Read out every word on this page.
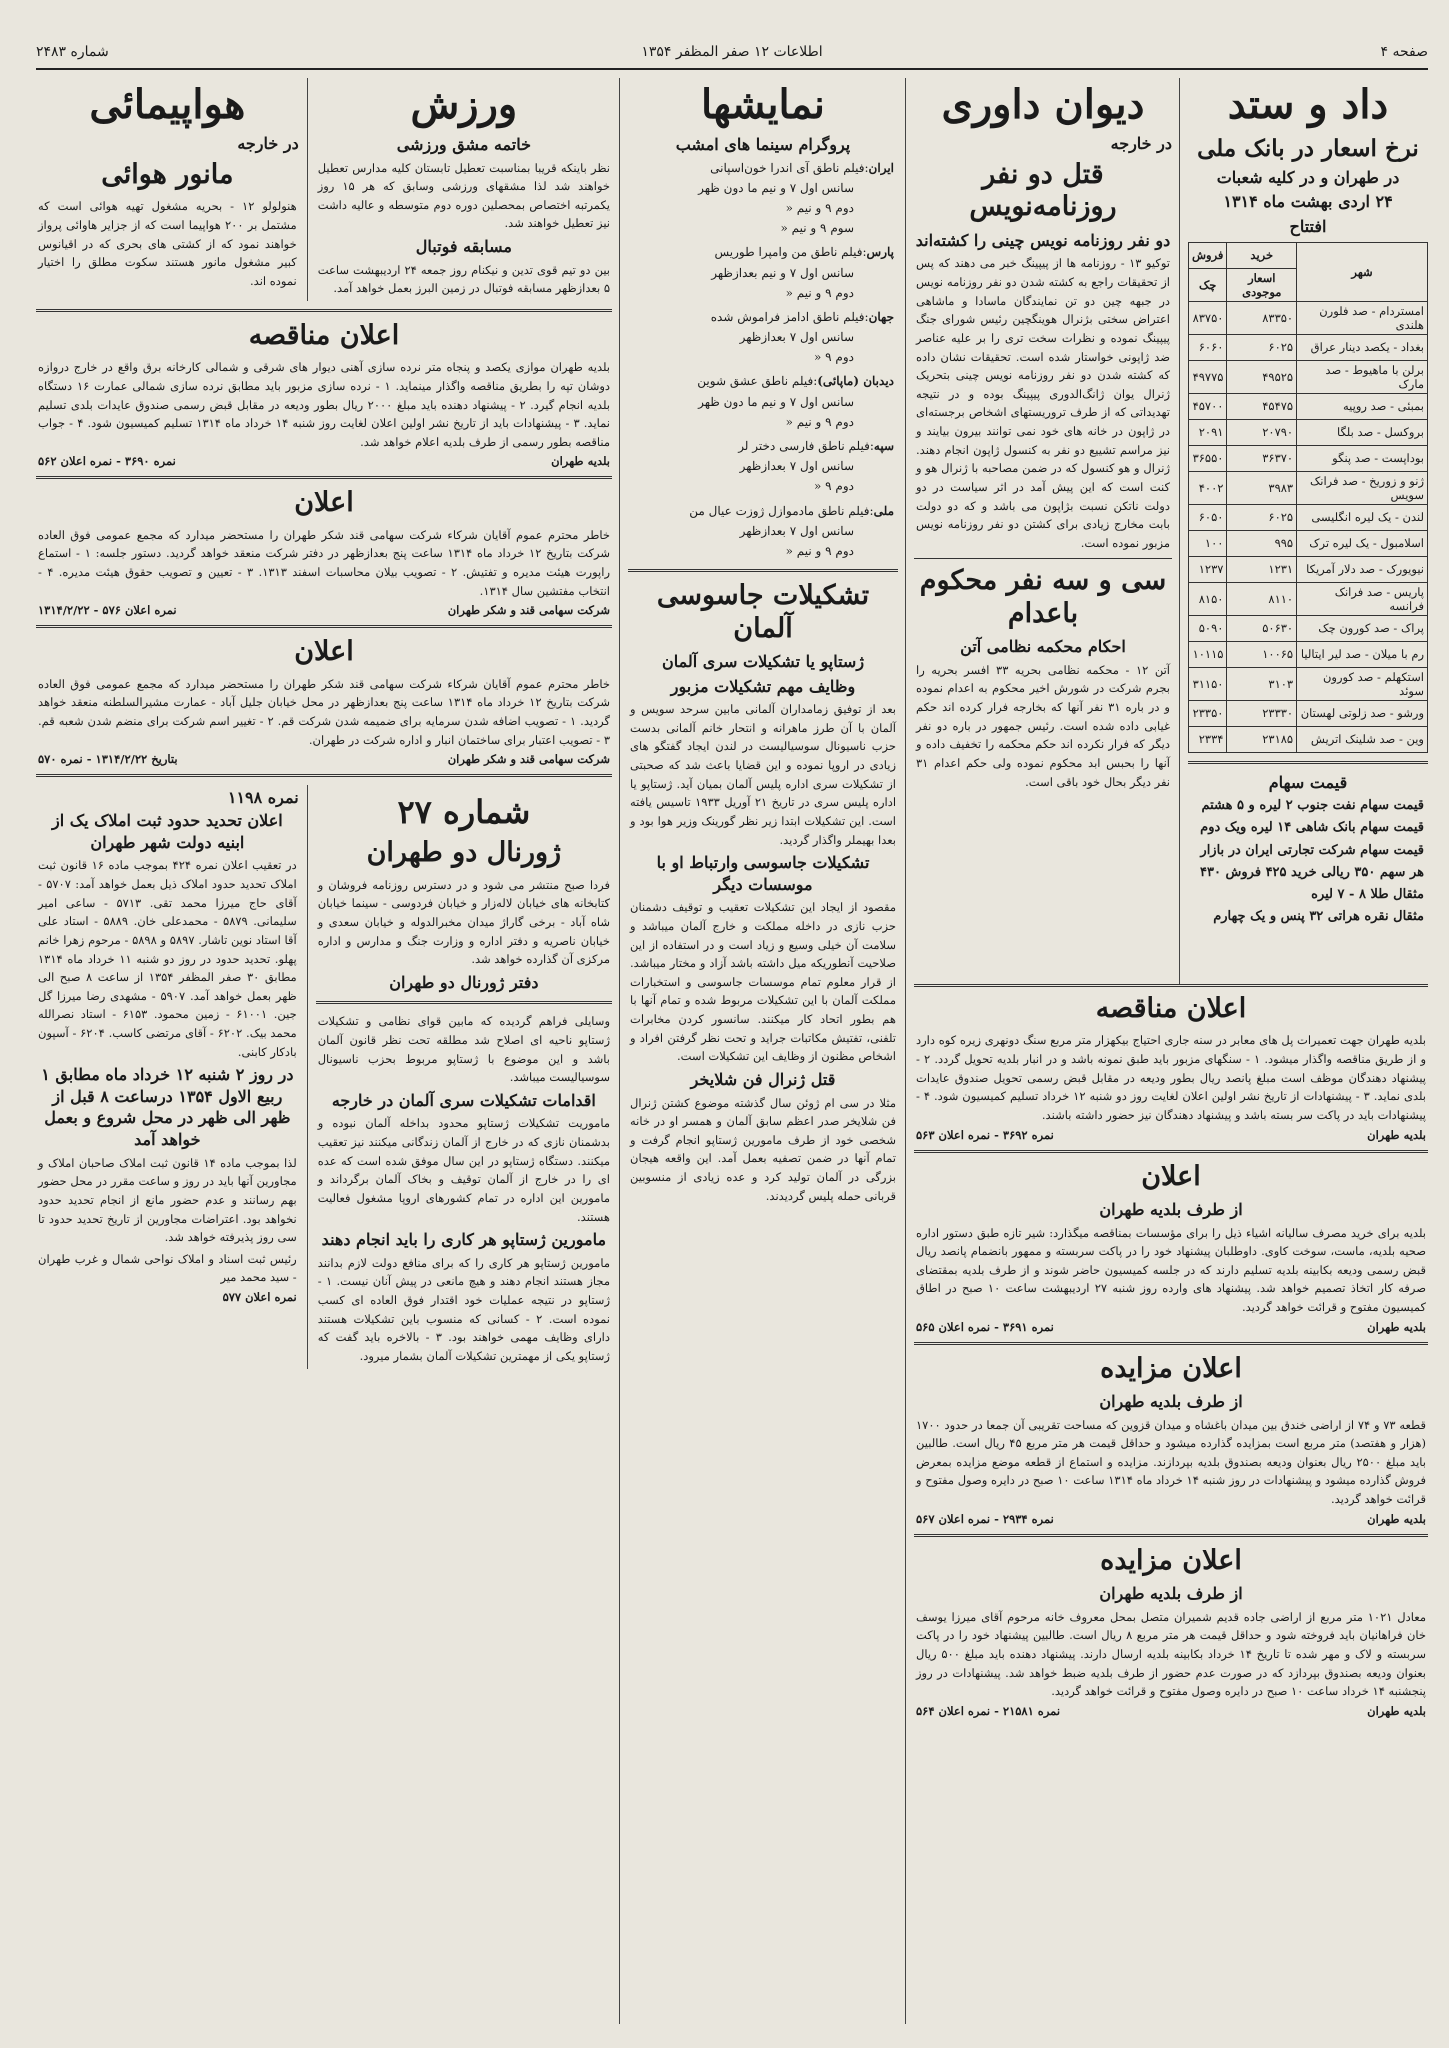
صفحه ۴
اطلاعات ۱۲ صفر المظفر ۱۳۵۴
شماره ۲۴۸۳
داد و ستد
نرخ اسعار در بانک ملی
در طهران و در کلیه شعبات
۲۴ اردی بهشت ماه ۱۳۱۴
افتتاح
شهر	خرید	فروش
	اسعار موجودی	چک
امستردام - صد فلورن هلندی	۸۳۳۵۰	۸۳۷۵۰
بغداد - یکصد دینار عراق	۶۰۲۵	۶۰۶۰
برلن با ماهیوط - صد مارک	۴۹۵۲۵	۴۹۷۷۵
بمبئی - صد روپیه	۴۵۴۷۵	۴۵۷۰۰
بروکسل - صد بلگا	۲۰۷۹۰	۲۰۹۱
بوداپست - صد پنگو	۳۶۳۷۰	۳۶۵۵۰
ژنو و زوریخ - صد فرانک سویس	۳۹۸۳	۴۰۰۲
لندن - یک لیره انگلیسی	۶۰۲۵	۶۰۵۰
اسلامبول - یک لیره ترک	۹۹۵	۱۰۰
نیویورک - صد دلار آمریکا	۱۲۳۱	۱۲۳۷
پاریس - صد فرانک فرانسه	۸۱۱۰	۸۱۵۰
پراک - صد کورون چک	۵۰۶۳۰	۵۰۹۰
رم با میلان - صد لیر ایتالیا	۱۰۰۶۵	۱۰۱۱۵
استکهلم - صد کورون سوئد	۳۱۰۳	۳۱۱۵۰
ورشو - صد زلوتی لهستان	۲۳۳۳۰	۲۳۳۵۰
وین - صد شلینک اتریش	۲۳۱۸۵	۲۳۳۴
قیمت سهام
قیمت سهام نفت جنوب ۲ لیره و ۵ هشتم
قیمت سهام بانک شاهی ۱۴ لیره ویک دوم
قیمت سهام شرکت تجارتی ایران در بازار
هر سهم ۳۵۰ ریالی خرید ۴۲۵ فروش ۴۳۰
مثقال طلا ۸ - ۷ لیره
مثقال نقره هراتی ۳۲ پنس و یک چهارم
دیوان داوری
در خارجه
قتل دو نفر روزنامه‌نویس
دو نفر روزنامه نویس چینی را کشته‌اند
توکیو ۱۳ - روزنامه ها از پیپینگ خبر می دهند که پس از تحقیقات راجع به کشته شدن دو نفر روزنامه نویس در جبهه چین دو تن نمایندگان ماسادا و ماشاهی اعتراض سختی بژنرال هوینگچین رئیس شورای جنگ پیپینگ نموده و نظرات سخت تری را بر علیه عناصر ضد ژاپونی خواستار شده است. تحقیقات نشان داده که کشته شدن دو نفر روزنامه نویس چینی بتحریک ژنرال یوان ژانگ‌الدوری پیپینگ بوده و در نتیجه تهدیداتی که از طرف تروریستهای اشخاص برجسته‌ای در ژاپون در خانه های خود نمی توانند بیرون بیایند و نیز مراسم تشییع دو نفر به کنسول ژاپون انجام دهند. ژنرال و هو کنسول که در ضمن مصاحبه با ژنرال هو و کنت است که این پیش آمد در اثر سیاست در دو دولت ناتکن نسبت بژاپون می باشد و که دو دولت بابت مخارج زیادی برای کشتن دو نفر روزنامه نویس مزبور نموده است.
سی و سه نفر محکوم باعدام
احکام محکمه نظامی آتن
آتن ۱۲ - محکمه نظامی بحریه ۳۳ افسر بحریه را بجرم شرکت در شورش اخیر محکوم به اعدام نموده و در باره ۳۱ نفر آنها که بخارجه فرار کرده اند حکم غیابی داده شده است. رئیس جمهور در باره دو نفر دیگر که فرار نکرده اند حکم محکمه را تخفیف داده و آنها را بحبس ابد محکوم نموده ولی حکم اعدام ۳۱ نفر دیگر بحال خود باقی است.
نمایشها
پروگرام سینما های امشب
ایران:فیلم ناطق آی اندرا خون‌اسپانی
سانس اول ۷ و نیم ما دون ظهر
دوم ۹ و نیم «
سوم ۹ و نیم «
پارس:فیلم ناطق من وامپرا طوریس
سانس اول ۷ و نیم بعدازظهر
دوم ۹ و نیم «
جهان:فیلم ناطق ادامز فراموش شده
سانس اول ۷ بعدازظهر
دوم ۹ «
دیدبان (ماپائی):فیلم ناطق عشق شوین
سانس اول ۷ و نیم ما دون ظهر
دوم ۹ و نیم «
سپه:فیلم ناطق فارسی دختر لر
سانس اول ۷ بعدازظهر
دوم ۹ «
ملی:فیلم ناطق مادموازل ژوزت عیال من
سانس اول ۷ بعدازظهر
دوم ۹ و نیم «
تشکیلات جاسوسی آلمان
ژستاپو یا تشکیلات سری آلمان
وظایف مهم تشکیلات مزبور
بعد از توفیق زمامداران آلمانی مابین سرحد سویس و آلمان با آن طرز ماهرانه و انتحار خانم آلمانی بدست حزب ناسیونال سوسیالیست در لندن ایجاد گفتگو های زیادی در اروپا نموده و این قضایا باعث شد که صحبتی از تشکیلات سری اداره پلیس آلمان بمیان آید. ژستاپو یا اداره پلیس سری در تاریخ ۲۱ آوریل ۱۹۳۳ تاسیس یافته است. این تشکیلات ابتدا زیر نظر گورینک وزیر هوا بود و بعدا بهیملر واگذار گردید.
تشکیلات جاسوسی وارتباط او با موسسات دیگر
مقصود از ایجاد این تشکیلات تعقیب و توقیف دشمنان حزب نازی در داخله مملکت و خارج آلمان میباشد و سلامت آن خیلی وسیع و زیاد است و در استفاده از این صلاحیت آنطوریکه میل داشته باشد آزاد و مختار میباشد. از قرار معلوم تمام موسسات جاسوسی و استخبارات مملکت آلمان با این تشکیلات مربوط شده و تمام آنها با هم بطور اتحاد کار میکنند. سانسور کردن مخابرات تلفنی، تفتیش مکاتبات جراید و تحت نظر گرفتن افراد و اشخاص مظنون از وظایف این تشکیلات است.
قتل ژنرال فن شلایخر
مثلا در سی ام ژوئن سال گذشته موضوع کشتن ژنرال فن شلایخر صدر اعظم سابق آلمان و همسر او در خانه شخصی خود از طرف مامورین ژستاپو انجام گرفت و تمام آنها در ضمن تصفیه بعمل آمد. این واقعه هیجان بزرگی در آلمان تولید کرد و عده زیادی از منسوبین قربانی حمله پلیس گردیدند.
ورزش
خاتمه مشق ورزشی
نظر باینکه قریبا بمناسبت تعطیل تابستان کلیه مدارس تعطیل خواهند شد لذا مشقهای ورزشی وسابق که هر ۱۵ روز یکمرتبه اختصاص بمحصلین دوره دوم متوسطه و عالیه داشت نیز تعطیل خواهند شد.
مسابقه فوتبال
بین دو تیم قوی تدین و نیکنام روز جمعه ۲۴ اردیبهشت ساعت ۵ بعدازظهر مسابقه فوتبال در زمین البرز بعمل خواهد آمد.
هواپیمائی
در خارجه
مانور هوائی
هنولولو ۱۲ - بحریه مشغول تهیه هوائی است که مشتمل بر ۲۰۰ هواپیما است که از جزایر هاوائی پرواز خواهند نمود که از کشتی های بحری که در اقیانوس کبیر مشغول مانور هستند سکوت مطلق را اختیار نموده اند.
اعلان مناقصه
بلدیه طهران موازی یکصد و پنجاه متر نرده سازی آهنی دیوار های شرقی و شمالی کارخانه برق واقع در خارج دروازه دوشان تپه را بطریق مناقصه واگذار مینماید. ۱ - نرده سازی مزبور باید مطابق نرده سازی شمالی عمارت ۱۶ دستگاه بلدیه انجام گیرد. ۲ - پیشنهاد دهنده باید مبلغ ۲۰۰۰ ریال بطور ودیعه در مقابل قبض رسمی صندوق عایدات بلدی تسلیم نماید. ۳ - پیشنهادات باید از تاریخ نشر اولین اعلان لغایت روز شنبه ۱۴ خرداد ماه ۱۳۱۴ تسلیم کمیسیون شود. ۴ - جواب مناقصه بطور رسمی از طرف بلدیه اعلام خواهد شد.
بلدیه طهران
نمره ۳۶۹۰ - نمره اعلان ۵۶۲
اعلان
خاطر محترم عموم آقایان شرکاء شرکت سهامی قند شکر طهران را مستحضر میدارد که مجمع عمومی فوق العاده شرکت بتاریخ ۱۲ خرداد ماه ۱۳۱۴ ساعت پنج بعدازظهر در دفتر شرکت منعقد خواهد گردید. دستور جلسه: ۱ - استماع راپورت هیئت مدیره و تفتیش. ۲ - تصویب بیلان محاسبات اسفند ۱۳۱۳. ۳ - تعیین و تصویب حقوق هیئت مدیره. ۴ - انتخاب مفتشین سال ۱۳۱۴.
شرکت سهامی قند و شکر طهران
نمره اعلان ۵۷۶ - ۱۳۱۴/۲/۲۲
اعلان
خاطر محترم عموم آقایان شرکاء شرکت سهامی قند شکر طهران را مستحضر میدارد که مجمع عمومی فوق العاده شرکت بتاریخ ۱۲ خرداد ماه ۱۳۱۴ ساعت پنج بعدازظهر در محل خیابان جلیل آباد - عمارت مشیرالسلطنه منعقد خواهد گردید. ۱ - تصویب اضافه شدن سرمایه برای ضمیمه شدن شرکت قم. ۲ - تغییر اسم شرکت برای منضم شدن شعبه قم. ۳ - تصویب اعتبار برای ساختمان انبار و اداره شرکت در طهران.
شرکت سهامی قند و شکر طهران
بتاریخ ۱۳۱۴/۲/۲۲ - نمره ۵۷۰
شماره ۲۷
ژورنال دو طهران
فردا صبح منتشر می شود و در دسترس روزنامه فروشان و کتابخانه های خیابان لاله‌زار و خیابان فردوسی - سینما خیابان شاه آباد - برخی گاراژ میدان مخبرالدوله و خیابان سعدی و خیابان ناصریه و دفتر اداره و وزارت جنگ و مدارس و اداره مرکزی آن گذارده خواهد شد.
دفتر ژورنال دو طهران
وسایلی فراهم گردیده که مابین قوای نظامی و تشکیلات ژستاپو ناحیه ای اصلاح شد مطلقه تحت نظر قانون آلمان باشد و این موضوع با ژستاپو مربوط بحزب ناسیونال سوسیالیست میباشد.
اقدامات تشکیلات سری آلمان در خارجه
ماموریت تشکیلات ژستاپو محدود بداخله آلمان نبوده و بدشمنان نازی که در خارج از آلمان زندگانی میکنند نیز تعقیب میکنند. دستگاه ژستاپو در این سال موفق شده است که عده ای را در خارج از آلمان توقیف و بخاک آلمان برگرداند و مامورین این اداره در تمام کشورهای اروپا مشغول فعالیت هستند.
مامورین ژستاپو هر کاری را باید انجام دهند
مامورین ژستاپو هر کاری را که برای منافع دولت لازم بدانند مجاز هستند انجام دهند و هیچ مانعی در پیش آنان نیست. ۱ - ژستاپو در نتیجه عملیات خود اقتدار فوق العاده ای کسب نموده است. ۲ - کسانی که منسوب باین تشکیلات هستند دارای وظایف مهمی خواهند بود. ۳ - بالاخره باید گفت که ژستاپو یکی از مهمترین تشکیلات آلمان بشمار میرود.
نمره ۱۱۹۸
اعلان تحدید حدود ثبت املاک یک از ابنیه دولت شهر طهران
در تعقیب اعلان نمره ۴۲۴ بموجب ماده ۱۶ قانون ثبت املاک تحدید حدود املاک ذیل بعمل خواهد آمد: ۵۷۰۷ - آقای حاج میرزا محمد تقی. ۵۷۱۳ - ساعی امیر سلیمانی. ۵۸۷۹ - محمدعلی خان. ۵۸۸۹ - استاد علی آقا استاد نوین تاشار. ۵۸۹۷ و ۵۸۹۸ - مرحوم زهرا خانم پهلو. تحدید حدود در روز دو شنبه ۱۱ خرداد ماه ۱۳۱۴ مطابق ۳۰ صفر المظفر ۱۳۵۴ از ساعت ۸ صبح الی ظهر بعمل خواهد آمد. ۵۹۰۷ - مشهدی رضا میرزا گل جین. ۶۱۰۰۱ - زمین محمود. ۶۱۵۳ - استاد نصرالله محمد بیک. ۶۲۰۲ - آقای مرتضی کاسب. ۶۲۰۴ - آسپون بادکار کابنی.
در روز ۲ شنبه ۱۲ خرداد ماه مطابق ۱ ربیع الاول ۱۳۵۴ درساعت ۸ قبل از ظهر الی ظهر در محل شروع و بعمل خواهد آمد
لذا بموجب ماده ۱۴ قانون ثبت املاک صاحبان املاک و مجاورین آنها باید در روز و ساعت مقرر در محل حضور بهم رسانند و عدم حضور مانع از انجام تحدید حدود نخواهد بود. اعتراضات مجاورین از تاریخ تحدید حدود تا سی روز پذیرفته خواهد شد.
رئیس ثبت اسناد و املاک نواحی شمال و غرب طهران - سید محمد میر
نمره اعلان ۵۷۷
اعلان مناقصه
بلدیه طهران جهت تعمیرات پل های معابر در سنه جاری احتیاج بیکهزار متر مربع سنگ دونهری زیره کوه دارد و از طریق مناقصه واگذار میشود. ۱ - سنگهای مزبور باید طبق نمونه باشد و در انبار بلدیه تحویل گردد. ۲ - پیشنهاد دهندگان موظف است مبلغ پانصد ریال بطور ودیعه در مقابل قبض رسمی تحویل صندوق عایدات بلدی نماید. ۳ - پیشنهادات از تاریخ نشر اولین اعلان لغایت روز دو شنبه ۱۲ خرداد تسلیم کمیسیون شود. ۴ - پیشنهادات باید در پاکت سر بسته باشد و پیشنهاد دهندگان نیز حضور داشته باشند.
بلدیه طهران
نمره ۳۶۹۲ - نمره اعلان ۵۶۳
اعلان
از طرف بلدیه طهران
بلدیه برای خرید مصرف سالیانه اشیاء ذیل را برای مؤسسات بمناقصه میگذارد: شیر تازه طبق دستور اداره صحیه بلدیه، ماست، سوخت کاوی. داوطلبان پیشنهاد خود را در پاکت سربسته و ممهور بانضمام پانصد ریال قبض رسمی ودیعه بکابینه بلدیه تسلیم دارند که در جلسه کمیسیون حاضر شوند و از طرف بلدیه بمقتضای صرفه کار اتخاذ تصمیم خواهد شد. پیشنهاد های وارده روز شنبه ۲۷ اردیبهشت ساعت ۱۰ صبح در اطاق کمیسیون مفتوح و قرائت خواهد گردید.
بلدیه طهران
نمره ۳۶۹۱ - نمره اعلان ۵۶۵
اعلان مزایده
از طرف بلدیه طهران
قطعه ۷۳ و ۷۴ از اراضی خندق بین میدان باغشاه و میدان قزوین که مساحت تقریبی آن جمعا در حدود ۱۷۰۰ (هزار و هفتصد) متر مربع است بمزایده گذارده میشود و حداقل قیمت هر متر مربع ۴۵ ریال است. طالبین باید مبلغ ۲۵۰۰ ریال بعنوان ودیعه بصندوق بلدیه بپردازند. مزایده و استماع از قطعه موضع مزایده بمعرض فروش گذارده میشود و پیشنهادات در روز شنبه ۱۴ خرداد ماه ۱۳۱۴ ساعت ۱۰ صبح در دایره وصول مفتوح و قرائت خواهد گردید.
بلدیه طهران
نمره ۲۹۳۴ - نمره اعلان ۵۶۷
اعلان مزایده
از طرف بلدیه طهران
معادل ۱۰۲۱ متر مربع از اراضی جاده قدیم شمیران متصل بمحل معروف خانه مرحوم آقای میرزا یوسف خان فراهانیان باید فروخته شود و حداقل قیمت هر متر مربع ۸ ریال است. طالبین پیشنهاد خود را در پاکت سربسته و لاک و مهر شده تا تاریخ ۱۴ خرداد بکابینه بلدیه ارسال دارند. پیشنهاد دهنده باید مبلغ ۵۰۰ ریال بعنوان ودیعه بصندوق بپردازد که در صورت عدم حضور از طرف بلدیه ضبط خواهد شد. پیشنهادات در روز پنجشنبه ۱۴ خرداد ساعت ۱۰ صبح در دایره وصول مفتوح و قرائت خواهد گردید.
بلدیه طهران
نمره ۲۱۵۸۱ - نمره اعلان ۵۶۴
